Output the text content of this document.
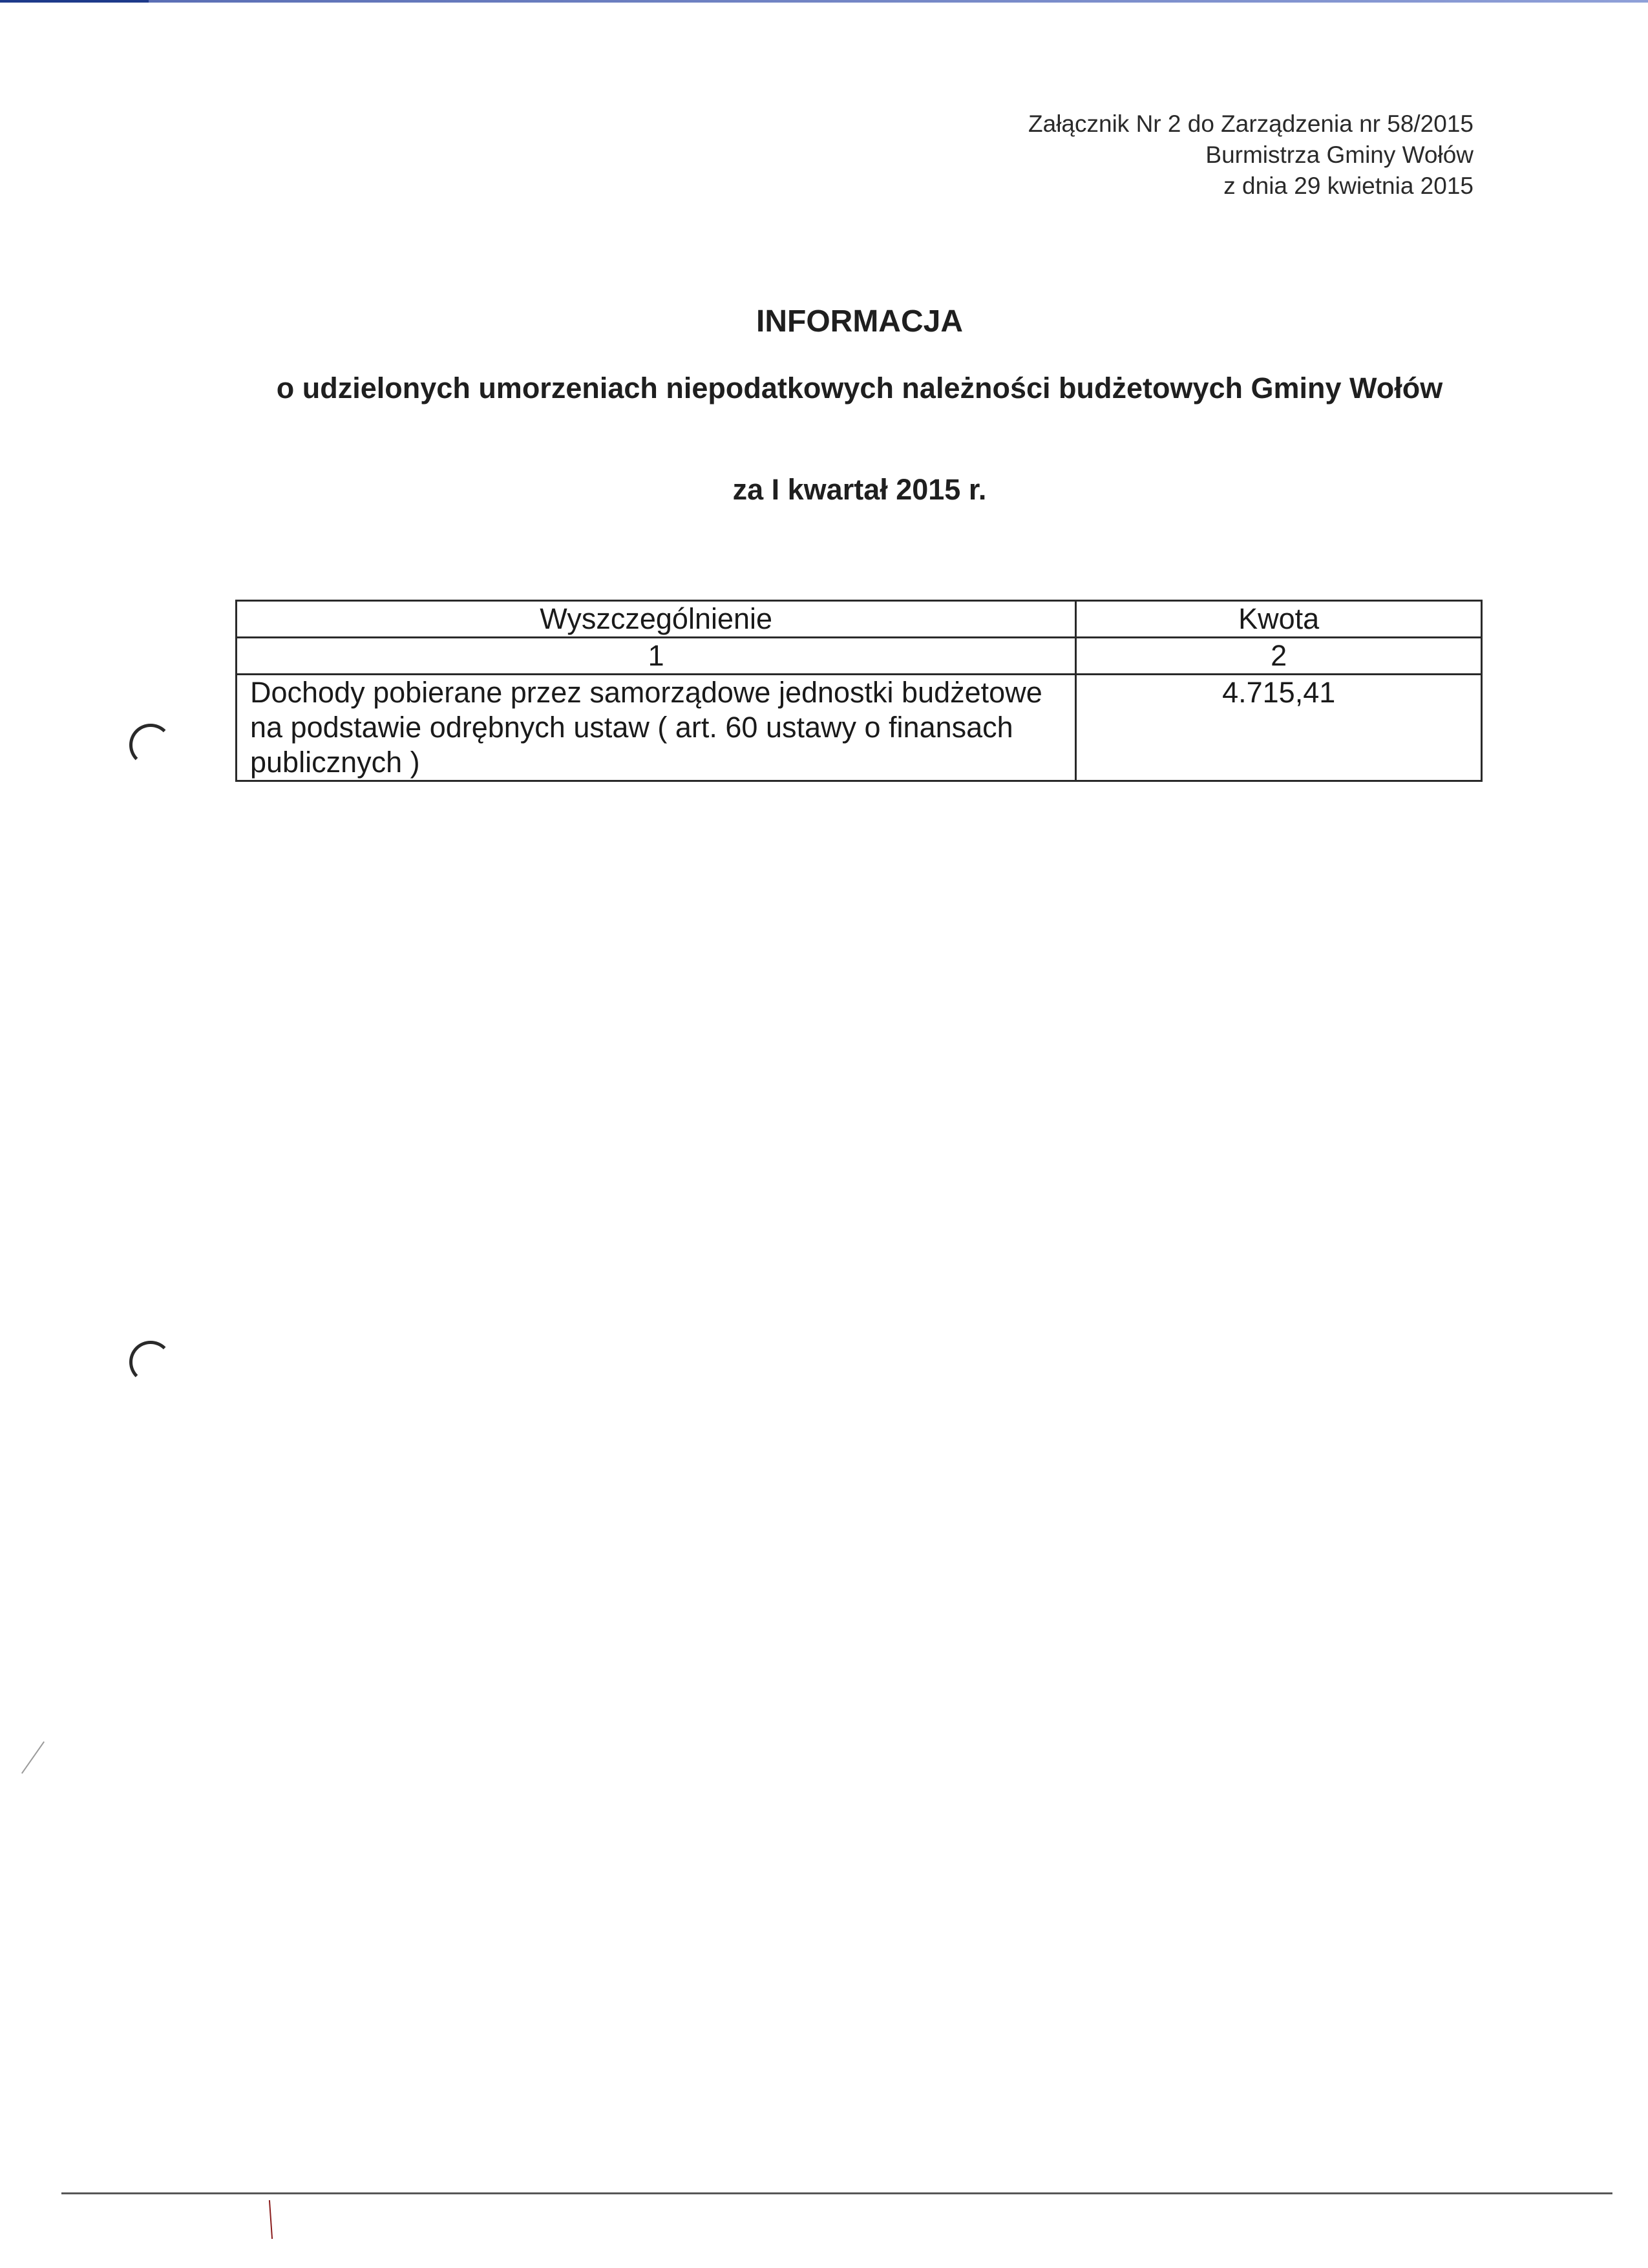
Załącznik Nr 2 do Zarządzenia nr 58/2015
Burmistrza Gminy Wołów
z dnia 29 kwietnia 2015
INFORMACJA
o udzielonych umorzeniach niepodatkowych należności budżetowych Gminy Wołów
za I kwartał 2015 r.
Wyszczególnienie	Kwota
1	2
Dochody pobierane przez samorządowe jednostki budżetowe na podstawie odrębnych ustaw ( art. 60 ustawy o finansach publicznych )	4.715,41
